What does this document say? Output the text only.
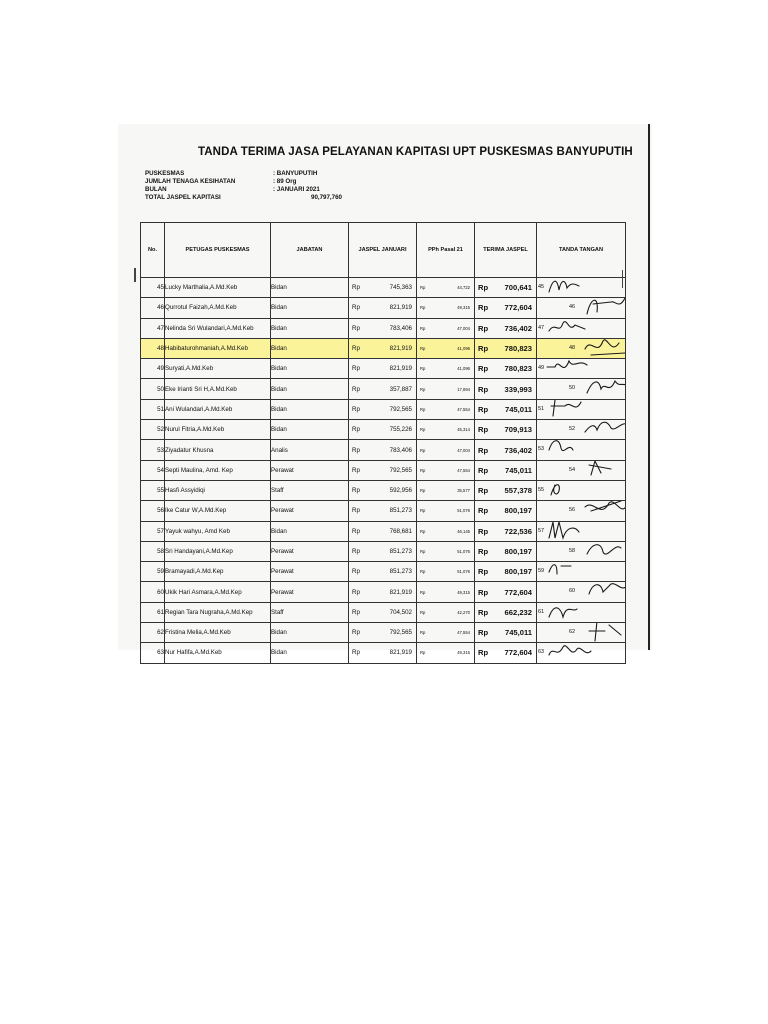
TANDA TERIMA JASA PELAYANAN KAPITASI UPT PUSKESMAS BANYUPUTIH
PUSKESMAS	: BANYUPUTIH
JUMLAH TENAGA KESIHATAN	: 89 Org
BULAN	: JANUARI 2021
TOTAL JASPEL KAPITASI	90,797,760
No.	PETUGAS PUSKESMAS	JABATAN	JASPEL JANUARI	PPh Pasal 21	TERIMA JASPEL	TANDA TANGAN
45	Lucky Marthalia,A.Md.Keb	Bidan	Rp 745,363	Rp 44,722	Rp 700,641	45

46	Qurrotul Faizah,A.Md.Keb	Bidan	Rp 821,919	Rp 49,315	Rp 772,604	46

47	Nelinda Sri Wulandari,A.Md.Keb	Bidan	Rp 783,406	Rp 47,004	Rp 736,402	47

48	Habibaturohmaniah,A.Md.Keb	Bidan	Rp 821,919	Rp 41,096	Rp 780,823	48

49	Suryati,A.Md.Keb	Bidan	Rp 821,919	Rp 41,096	Rp 780,823	49

50	Eke Irianti Sri H,A.Md.Keb	Bidan	Rp 357,887	Rp 17,894	Rp 339,993	50

51	Ani Wulandari,A.Md.Keb	Bidan	Rp 792,565	Rp 47,554	Rp 745,011	51

52	Nurul Fitria,A.Md.Keb	Bidan	Rp 755,226	Rp 45,314	Rp 709,913	52

53	Ziyadatur Khusna	Analis	Rp 783,406	Rp 47,004	Rp 736,402	53

54	Septi Maulina, Amd. Kep	Perawat	Rp 792,565	Rp 47,554	Rp 745,011	54

55	Hasfi Assyidiqi	Staff	Rp 592,956	Rp 35,577	Rp 557,378	55

56	Ike Catur W,A.Md.Kep	Perawat	Rp 851,273	Rp 51,076	Rp 800,197	56

57	Yayuk wahyu, Amd Keb	Bidan	Rp 768,681	Rp 46,145	Rp 722,536	57

58	Sri Handayani,A.Md.Kep	Perawat	Rp 851,273	Rp 51,076	Rp 800,197	58

59	Bramayadi,A.Md.Kep	Perawat	Rp 851,273	Rp 51,076	Rp 800,197	59

60	Ukik Hari Asmara,A.Md.Kep	Perawat	Rp 821,919	Rp 49,315	Rp 772,604	60

61	Regian Tara Nugraha,A.Md.Kep	Staff	Rp 704,502	Rp 42,270	Rp 662,232	61

62	Fristina Melia,A.Md.Keb	Bidan	Rp 792,565	Rp 47,554	Rp 745,011	62

63	Nur Hafifa,A.Md.Keb	Bidan	Rp 821,919	Rp 49,315	Rp 772,604	63
